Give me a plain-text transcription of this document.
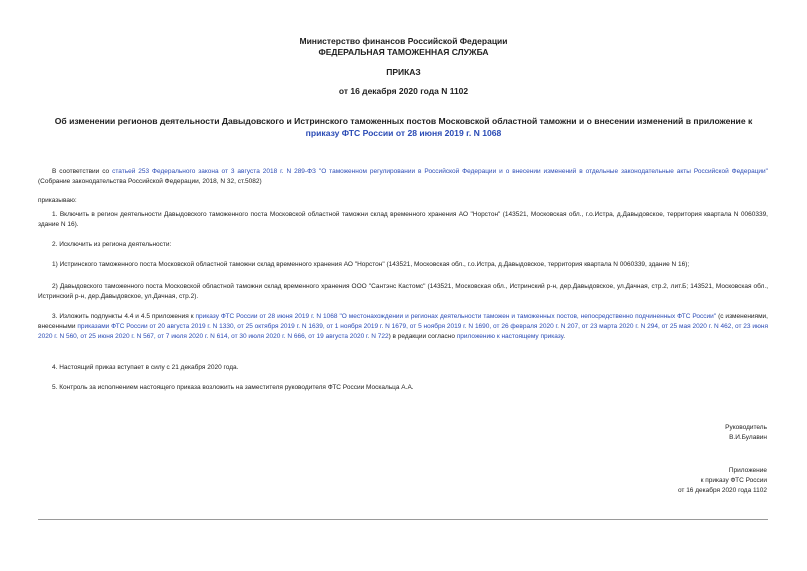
Министерство финансов Российской Федерации
ФЕДЕРАЛЬНАЯ ТАМОЖЕННАЯ СЛУЖБА
ПРИКАЗ
от 16 декабря 2020 года N 1102
Об изменении регионов деятельности Давыдовского и Истринского таможенных постов Московской областной таможни и о внесении изменений в приложение к
приказу ФТС России от 28 июня 2019 г. N 1068
В соответствии со статьей 253 Федерального закона от 3 августа 2018 г. N 289-ФЗ "О таможенном регулировании в Российской Федерации и о внесении изменений в отдельные законодательные акты Российской Федерации" (Собрание законодательства Российской Федерации, 2018, N 32, ст.5082)
приказываю:
1. Включить в регион деятельности Давыдовского таможенного поста Московской областной таможни склад временного хранения АО "Норстон" (143521, Московская обл., г.о.Истра, д.Давыдовское, территория квартала N 0060339, здание N 16).
2. Исключить из региона деятельности:
1) Истринского таможенного поста Московской областной таможни склад временного хранения АО "Норстон" (143521, Московская обл., г.о.Истра, д.Давыдовское, территория квартала N 0060339, здание N 16);
2) Давыдовского таможенного поста Московской областной таможни склад временного хранения ООО "Сантэнс Кастомс" (143521, Московская обл., Истринский р-н, дер.Давыдовское, ул.Дачная, стр.2, лит.Б; 143521, Московская обл., Истринский р-н, дер.Давыдовское, ул.Дачная, стр.2).
3. Изложить подпункты 4.4 и 4.5 приложения к приказу ФТС России от 28 июня 2019 г. N 1068 "О местонахождении и регионах деятельности таможен и таможенных постов, непосредственно подчиненных ФТС России" (с изменениями, внесенными приказами ФТС России от 20 августа 2019 г. N 1330, от 25 октября 2019 г. N 1639, от 1 ноября 2019 г. N 1679, от 5 ноября 2019 г. N 1690, от 26 февраля 2020 г. N 207, от 23 марта 2020 г. N 294, от 25 мая 2020 г. N 462, от 23 июня 2020 г. N 560, от 25 июня 2020 г. N 567, от 7 июля 2020 г. N 614, от 30 июля 2020 г. N 666, от 19 августа 2020 г. N 722) в редакции согласно приложению к настоящему приказу.
4. Настоящий приказ вступает в силу с 21 декабря 2020 года.
5. Контроль за исполнением настоящего приказа возложить на заместителя руководителя ФТС России Москальца А.А.
Руководитель
В.И.Булавин
Приложение
к приказу ФТС России
от 16 декабря 2020 года 1102
